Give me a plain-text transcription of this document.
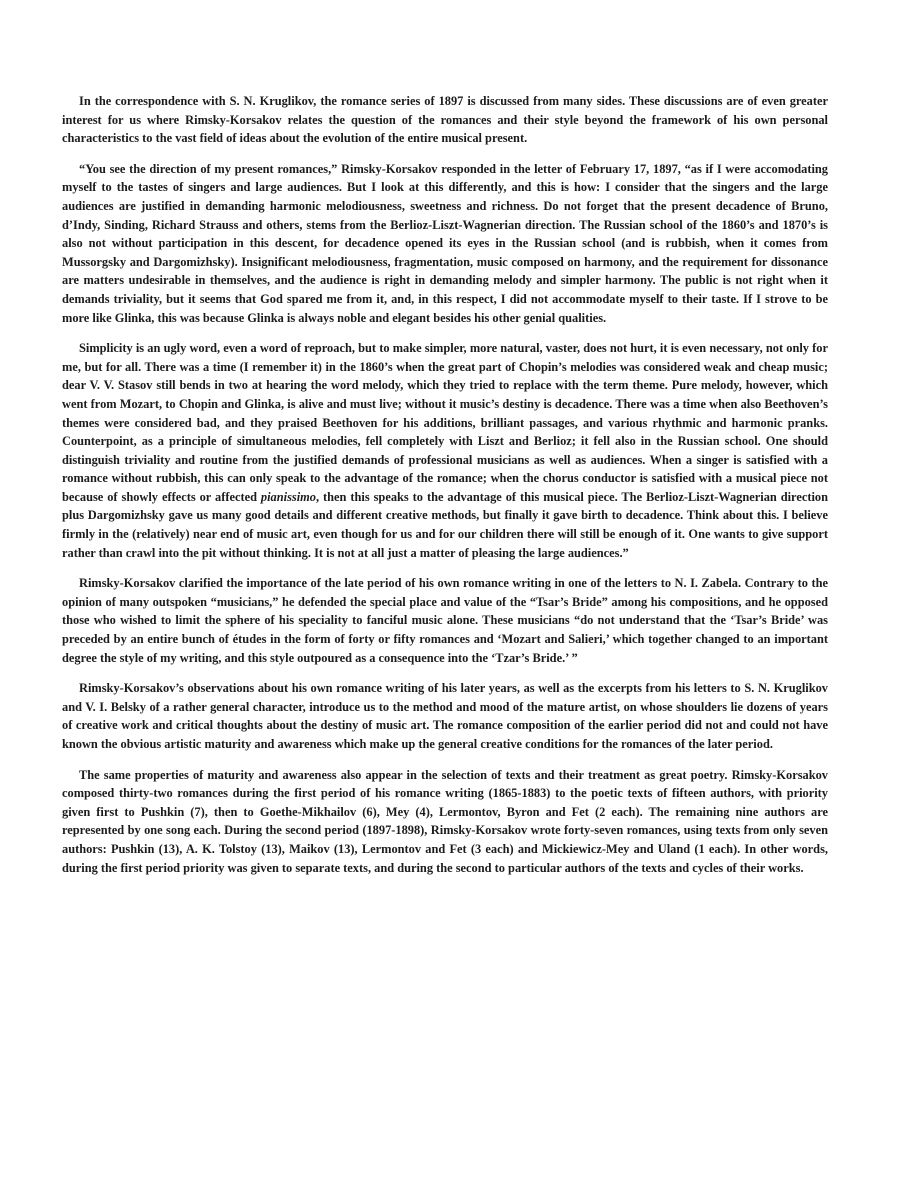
In the correspondence with S. N. Kruglikov, the romance series of 1897 is discussed from many sides. These discussions are of even greater interest for us where Rimsky-Korsakov relates the question of the romances and their style beyond the framework of his own personal characteristics to the vast field of ideas about the evolution of the entire musical present.

“You see the direction of my present romances,” Rimsky-Korsakov responded in the letter of February 17, 1897, “as if I were accomodating myself to the tastes of singers and large audiences. But I look at this differently, and this is how: I consider that the singers and the large audiences are justified in demanding harmonic melodiousness, sweetness and richness. Do not forget that the present decadence of Bruno, d’Indy, Sinding, Richard Strauss and others, stems from the Berlioz-Liszt-Wagnerian direction. The Russian school of the 1860’s and 1870’s is also not without participation in this descent, for decadence opened its eyes in the Russian school (and is rubbish, when it comes from Mussorgsky and Dargomizhsky). Insignificant melodiousness, fragmentation, music composed on harmony, and the requirement for dissonance are matters undesirable in themselves, and the audience is right in demanding melody and simpler harmony. The public is not right when it demands triviality, but it seems that God spared me from it, and, in this respect, I did not accommodate myself to their taste. If I strove to be more like Glinka, this was because Glinka is always noble and elegant besides his other genial qualities.

Simplicity is an ugly word, even a word of reproach, but to make simpler, more natural, vaster, does not hurt, it is even necessary, not only for me, but for all. There was a time (I remember it) in the 1860’s when the great part of Chopin’s melodies was considered weak and cheap music; dear V. V. Stasov still bends in two at hearing the word melody, which they tried to replace with the term theme. Pure melody, however, which went from Mozart, to Chopin and Glinka, is alive and must live; without it music’s destiny is decadence. There was a time when also Beethoven’s themes were considered bad, and they praised Beethoven for his additions, brilliant passages, and various rhythmic and harmonic pranks. Counterpoint, as a principle of simultaneous melodies, fell completely with Liszt and Berlioz; it fell also in the Russian school. One should distinguish triviality and routine from the justified demands of professional musicians as well as audiences. When a singer is satisfied with a romance without rubbish, this can only speak to the advantage of the romance; when the chorus conductor is satisfied with a musical piece not because of showly effects or affected pianissimo, then this speaks to the advantage of this musical piece. The Berlioz-Liszt-Wagnerian direction plus Dargomizhsky gave us many good details and different creative methods, but finally it gave birth to decadence. Think about this. I believe firmly in the (relatively) near end of music art, even though for us and for our children there will still be enough of it. One wants to give support rather than crawl into the pit without thinking. It is not at all just a matter of pleasing the large audiences.”

Rimsky-Korsakov clarified the importance of the late period of his own romance writing in one of the letters to N. I. Zabela. Contrary to the opinion of many outspoken “musicians,” he defended the special place and value of the “Tsar’s Bride” among his compositions, and he opposed those who wished to limit the sphere of his speciality to fanciful music alone. These musicians “do not understand that the ‘Tsar’s Bride’ was preceded by an entire bunch of études in the form of forty or fifty romances and ‘Mozart and Salieri,’ which together changed to an important degree the style of my writing, and this style outpoured as a consequence into the ‘Tzar’s Bride.’ ”

Rimsky-Korsakov’s observations about his own romance writing of his later years, as well as the excerpts from his letters to S. N. Kruglikov and V. I. Belsky of a rather general character, introduce us to the method and mood of the mature artist, on whose shoulders lie dozens of years of creative work and critical thoughts about the destiny of music art. The romance composition of the earlier period did not and could not have known the obvious artistic maturity and awareness which make up the general creative conditions for the romances of the later period.

The same properties of maturity and awareness also appear in the selection of texts and their treatment as great poetry. Rimsky-Korsakov composed thirty-two romances during the first period of his romance writing (1865-1883) to the poetic texts of fifteen authors, with priority given first to Pushkin (7), then to Goethe-Mikhailov (6), Mey (4), Lermontov, Byron and Fet (2 each). The remaining nine authors are represented by one song each. During the second period (1897-1898), Rimsky-Korsakov wrote forty-seven romances, using texts from only seven authors: Pushkin (13), A. K. Tolstoy (13), Maikov (13), Lermontov and Fet (3 each) and Mickiewicz-Mey and Uland (1 each). In other words, during the first period priority was given to separate texts, and during the second to particular authors of the texts and cycles of their works.
